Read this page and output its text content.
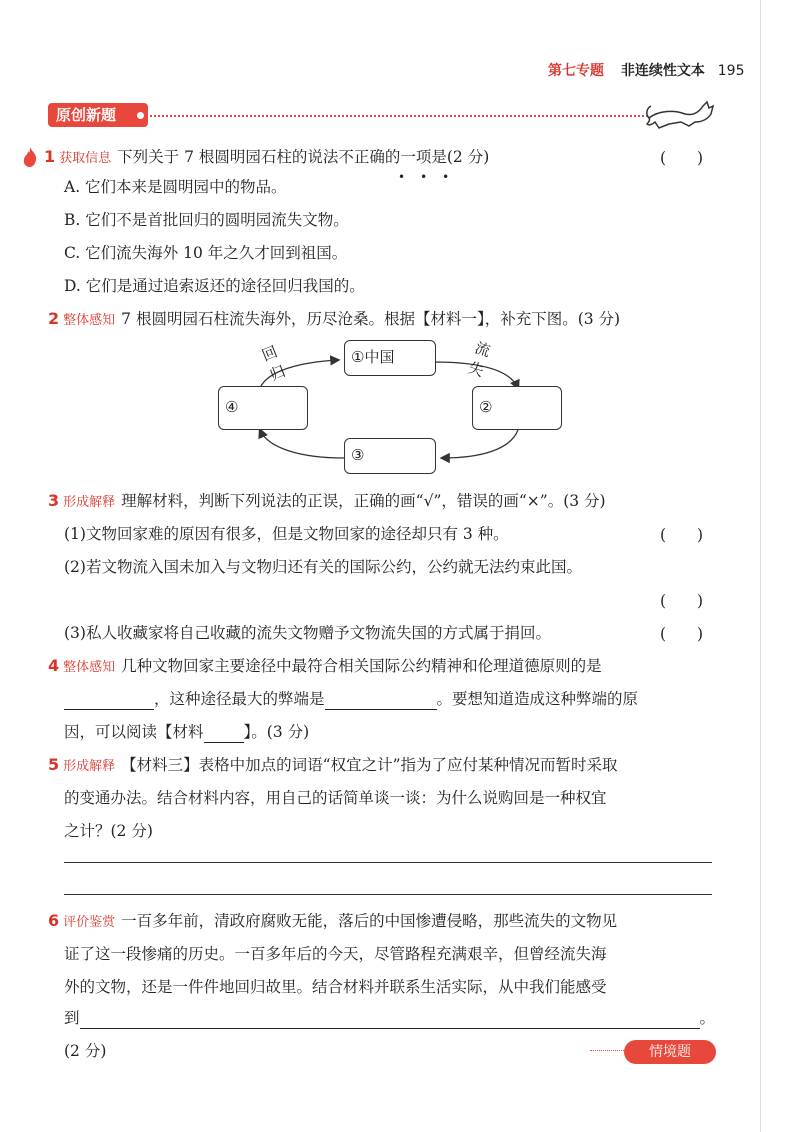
第七专题 非连续性文本 195
原创新题
1 获取信息 下列关于 7 根圆明园石柱的说法不正确的一项是(2 分)
•••
(　　)
A. 它们本来是圆明园中的物品。
B. 它们不是首批回归的圆明园流失文物。
C. 它们流失海外 10 年之久才回到祖国。
D. 它们是通过追索返还的途径回归我国的。
2 整体感知 7 根圆明园石柱流失海外，历尽沧桑。根据【材料一】，补充下图。(3 分)
①中国
②
③
④
流失
回归
3 形成解释 理解材料，判断下列说法的正误，正确的画“√”，错误的画“×”。(3 分)
(1)文物回家难的原因有很多，但是文物回家的途径却只有 3 种。	(　　)
(2)若文物流入国未加入与文物归还有关的国际公约，公约就无法约束此国。
(　　)
(3)私人收藏家将自己收藏的流失文物赠予文物流失国的方式属于捐回。	(　　)
4 整体感知 几种文物回家主要途径中最符合相关国际公约精神和伦理道德原则的是
，这种途径最大的弊端是	。要想知道造成这种弊端的原
因，可以阅读【材料	】。(3 分)
5 形成解释 【材料三】表格中加点的词语“权宜之计”指为了应付某种情况而暂时采取
的变通办法。结合材料内容，用自己的话简单谈一谈：为什么说购回是一种权宜
之计？(2 分)
6 评价鉴赏 一百多年前，清政府腐败无能，落后的中国惨遭侵略，那些流失的文物见
证了这一段惨痛的历史。一百多年后的今天，尽管路程充满艰辛，但曾经流失海
外的文物，还是一件件地回归故里。结合材料并联系生活实际，从中我们能感受
到	。
(2 分)	情境题
